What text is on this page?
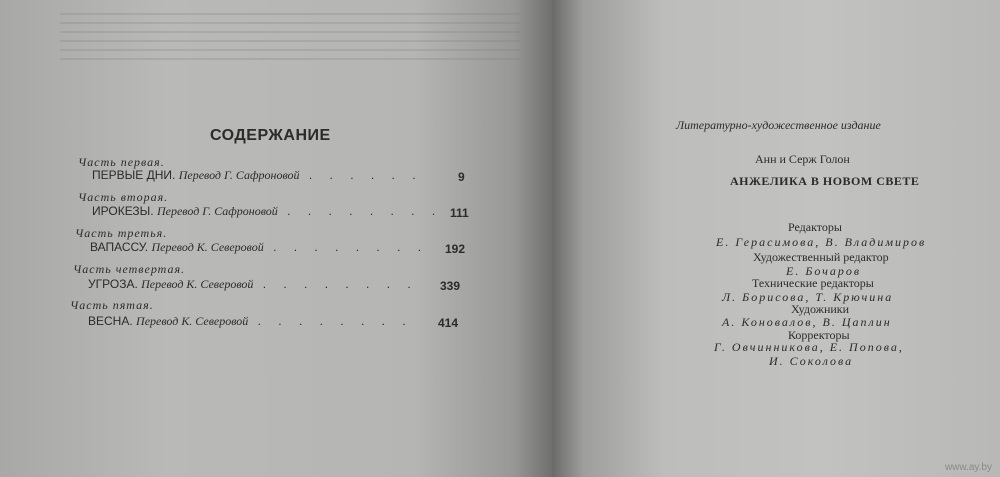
СОДЕРЖАНИЕ
Часть первая.
ПЕРВЫЕ ДНИ. Перевод Г. Сафроновой . . . . . .	9
Часть вторая.
ИРОКЕЗЫ. Перевод Г. Сафроновой . . . . . . . . 111
Часть третья.
ВАПАССУ. Перевод К. Северовой . . . . . . . . 192
Часть четвертая.
УГРОЗА. Перевод К. Северовой . . . . . . . . 339
Часть пятая.
ВЕСНА. Перевод К. Северовой . . . . . . . . 414
Литературно-художественное издание
Анн и Серж Голон
АНЖЕЛИКА В НОВОМ СВЕТЕ
Редакторы
Е. Герасимова, В. Владимиров
Художественный редактор
Е. Бочаров
Технические редакторы
Л. Борисова, Т. Крючина
Художники
А. Коновалов, В. Цаплин
Корректоры
Г. Овчинникова, Е. Попова,
И. Соколова
www.ay.by
